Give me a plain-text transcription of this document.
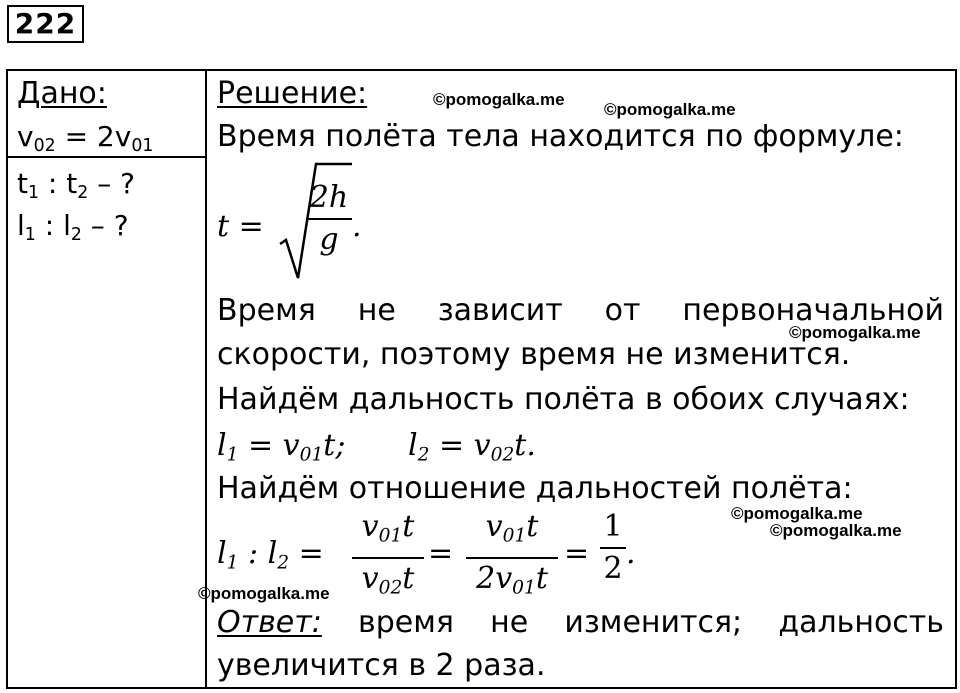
222
Дано:
$v_{02} = 2v_{01}$
$t_1$ : $t_2$ – ?
$l_1$ : $l_2$ – ?
Решение:
Время полёта тела находится по формуле:
t =
2h
g .
Время не зависит от первоначальной
скорости, поэтому время не изменится.
Найдём дальность полёта в обоих случаях:
$l_1 = v_{01}t$; $l_2 = v_{02}t$.
Найдём отношение дальностей полёта:
$l_1$ : $l_2$ =
$v_{01}t$
$v_{02}t$
=
$v_{01}t$
$2v_{01}t$
=
1
2 .
Ответ: время не изменится; дальность
увеличится в 2 раза.
©pomogalka.me
©pomogalka.me
©pomogalka.me
©pomogalka.me
©pomogalka.me
©pomogalka.me
